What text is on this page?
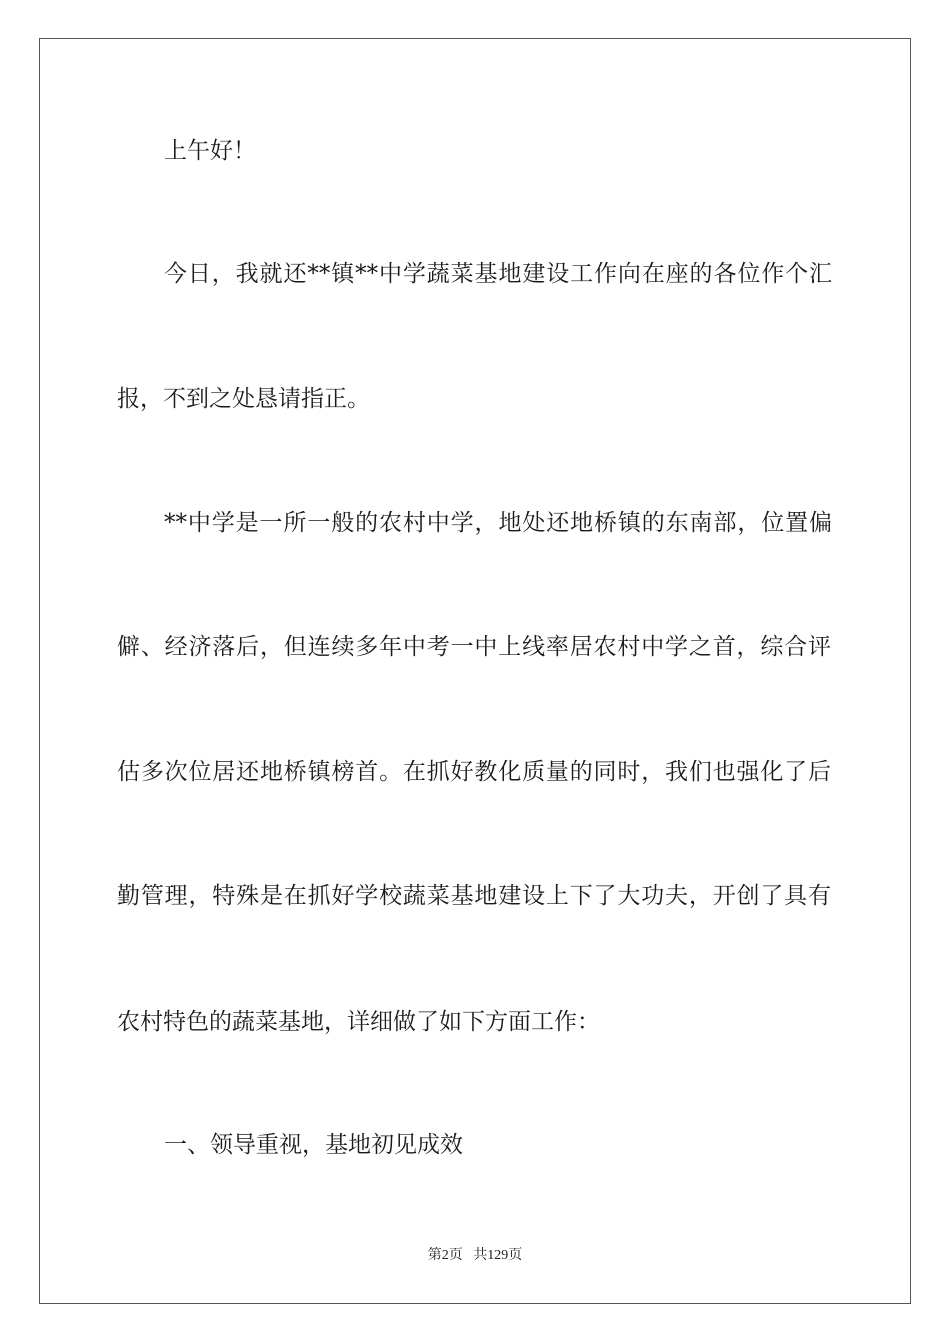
上午好！
今日，我就还**镇**中学蔬菜基地建设工作向在座的各位作个汇
报，不到之处恳请指正。
**中学是一所一般的农村中学，地处还地桥镇的东南部，位置偏
僻、经济落后，但连续多年中考一中上线率居农村中学之首，综合评
估多次位居还地桥镇榜首。在抓好教化质量的同时，我们也强化了后
勤管理，特殊是在抓好学校蔬菜基地建设上下了大功夫，开创了具有
农村特色的蔬菜基地，详细做了如下方面工作：
一、领导重视，基地初见成效
第2页 共129页
